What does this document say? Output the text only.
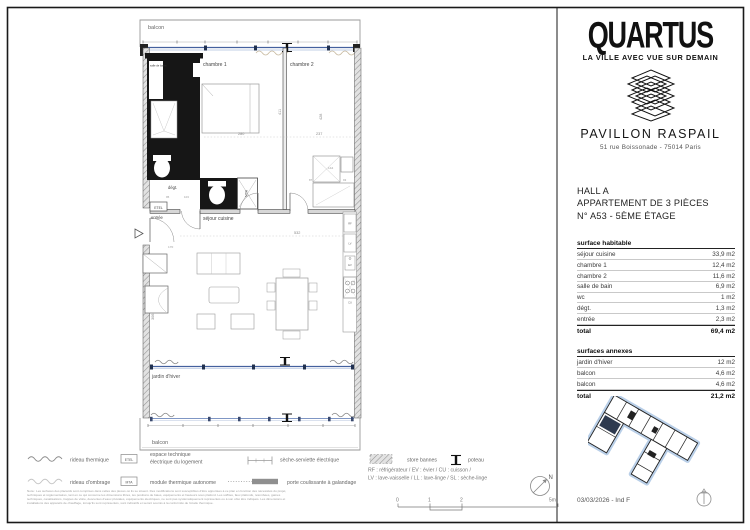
balcon
salle de bains
MTA
dégt.
95	103
chambre 1
280
411
chambre 2
237
428
144
87	93
séjour cuisine
entrée
ETEL
170
532
306
RF
LV
EV
CU
jardin d'hiver
balcon
rideau thermique	ETEL
espace technique
électrique du logement	sèche-serviette électrique	store bannes	poteau
rideau d'ombrage	MTA	module thermique autonome	porte coulissante à galandage
RF : réfrigérateur / EV : évier / CU : cuisson /
LV : lave-vaisselle / LL : lave-linge / SL : sèche-linge
Nota : Les surfaces des placards sont comprises dans celles des pièces où ils se situent. Des modifications sont susceptibles d'être apportées à ce plan en fonction des nécessités du projet,
techniques et réglementaires, tant en ce qui concerne les dimensions libres, les positions de baies, équipements et hauteurs sous plafond. Les soffites, faux plafonds, retombées, gaines
techniques, canalisations, trappes de visite, descentes d'eaux pluviales, équipements électriques, ne sont pas systématiquement représentés ou à son côté être indiqués. Les dimensions et
installations des appareils de chauffage, lorsqu'ils sont représentés, sont indicatifs et seront soumis à la conformité de l'étude thermique.	0	1	2	5m
N
QUARTUS
LA VILLE AVEC VUE SUR DEMAIN
PAVILLON RASPAIL
51 rue Boissonade - 75014 Paris
HALL A
APPARTEMENT DE 3 PIÈCES
N° A53 - 5ÈME ÉTAGE
surface habitable
séjour cuisine	33,9 m2
chambre 1	12,4 m2
chambre 2	11,6 m2
salle de bain	6,9 m2
wc	1 m2
dégt.	1,3 m2
entrée	2,3 m2
total	69,4 m2
surfaces annexes
jardin d'hiver	12 m2
balcon	4,6 m2
balcon	4,6 m2
total	21,2 m2
03/03/2026 - Ind F
